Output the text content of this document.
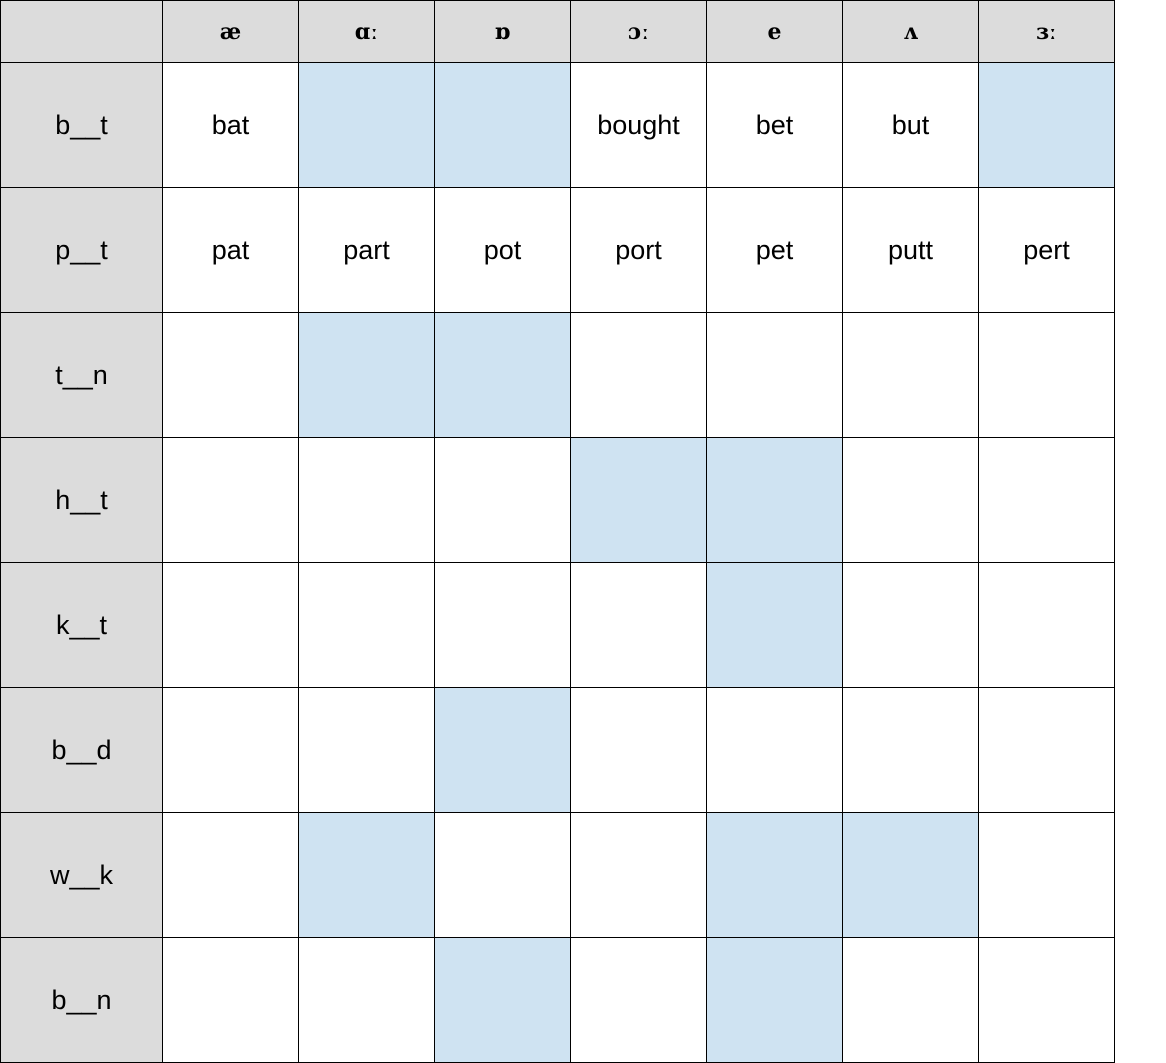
	æ	ɑː	ɒ	ɔː	e	ʌ	ɜː
b__t	bat			bought	bet	but	
p__t	pat	part	pot	port	pet	putt	pert
t__n							
h__t							
k__t							
b__d							
w__k							
b__n							
